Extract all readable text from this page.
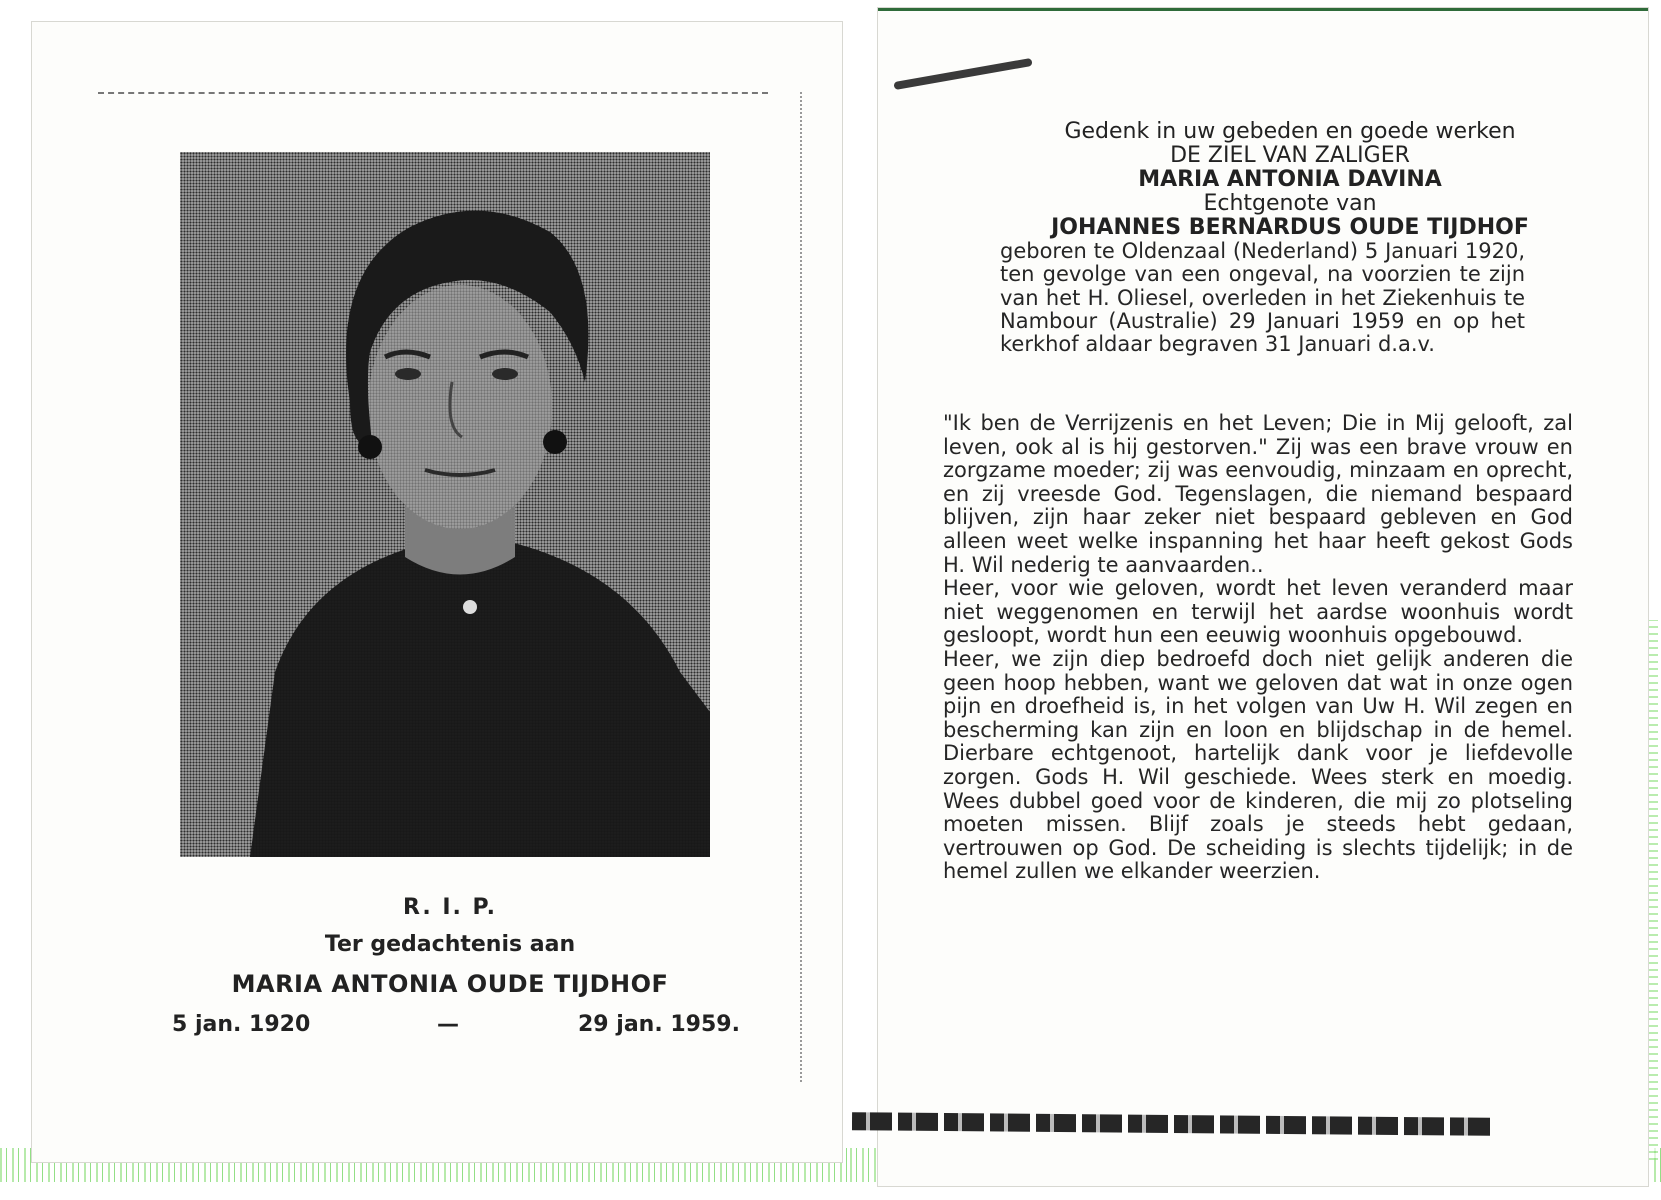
R. I. P.
Ter gedachtenis aan
MARIA ANTONIA OUDE TIJDHOF
5 jan. 1920	—	29 jan. 1959.
Gedenk in uw gebeden en goede werken
DE ZIEL VAN ZALIGER
MARIA ANTONIA DAVINA
Echtgenote van
JOHANNES BERNARDUS OUDE TIJDHOF
geboren te Oldenzaal (Nederland) 5 Januari 1920, ten gevolge van een ongeval, na voorzien te zijn van het H. Oliesel, overleden in het Ziekenhuis te Nambour (Australie) 29 Januari 1959 en op het kerkhof aldaar begraven 31 Januari d.a.v.

"Ik ben de Verrijzenis en het Leven; Die in Mij gelooft, zal leven, ook al is hij gestorven." Zij was een brave vrouw en zorgzame moeder; zij was eenvoudig, minzaam en oprecht, en zij vreesde God. Tegenslagen, die niemand bespaard blijven, zijn haar zeker niet bespaard gebleven en God alleen weet welke inspanning het haar heeft gekost Gods H. Wil nederig te aanvaarden..

Heer, voor wie geloven, wordt het leven veranderd maar niet weggenomen en terwijl het aardse woonhuis wordt gesloopt, wordt hun een eeuwig woonhuis opgebouwd.

Heer, we zijn diep bedroefd doch niet gelijk anderen die geen hoop hebben, want we geloven dat wat in onze ogen pijn en droefheid is, in het volgen van Uw H. Wil zegen en bescherming kan zijn en loon en blijdschap in de hemel. Dierbare echtgenoot, hartelijk dank voor je liefdevolle zorgen. Gods H. Wil geschiede. Wees sterk en moedig. Wees dubbel goed voor de kinderen, die mij zo plotseling moeten missen. Blijf zoals je steeds hebt gedaan, vertrouwen op God. De scheiding is slechts tijdelijk; in de hemel zullen we elkander weerzien.
